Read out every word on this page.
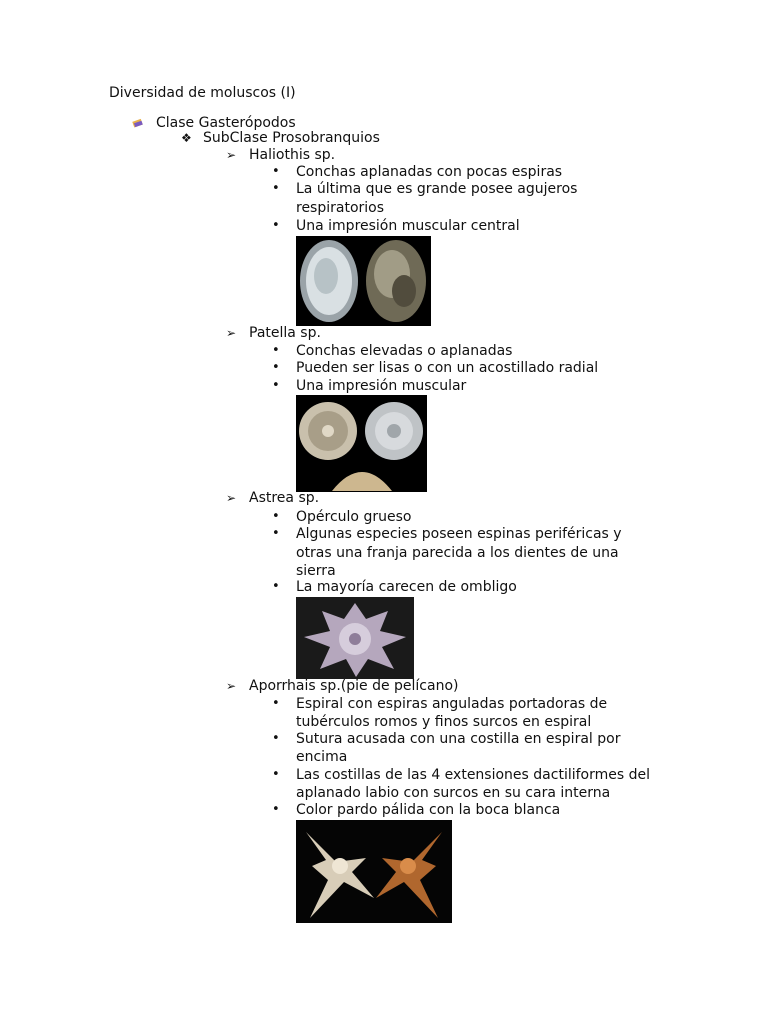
Diversidad de moluscos (I)
Clase Gasterópodos
❖ SubClase Prosobranquios
➢ Haliothis sp.
• Conchas aplanadas con pocas espiras
• La última que es grande posee agujeros
respiratorios
• Una impresión muscular central
➢ Patella sp.
• Conchas elevadas o aplanadas
• Pueden ser lisas o con un acostillado radial
• Una impresión muscular
➢ Astrea sp.
• Opérculo grueso
• Algunas especies poseen espinas periféricas y
otras una franja parecida a los dientes de una
sierra
• La mayoría carecen de ombligo
➢ Aporrhais sp.(pie de pelícano)
• Espiral con espiras anguladas portadoras de
tubérculos romos y finos surcos en espiral
• Sutura acusada con una costilla en espiral por
encima
• Las costillas de las 4 extensiones dactiliformes del
aplanado labio con surcos en su cara interna
• Color pardo pálida con la boca blanca
